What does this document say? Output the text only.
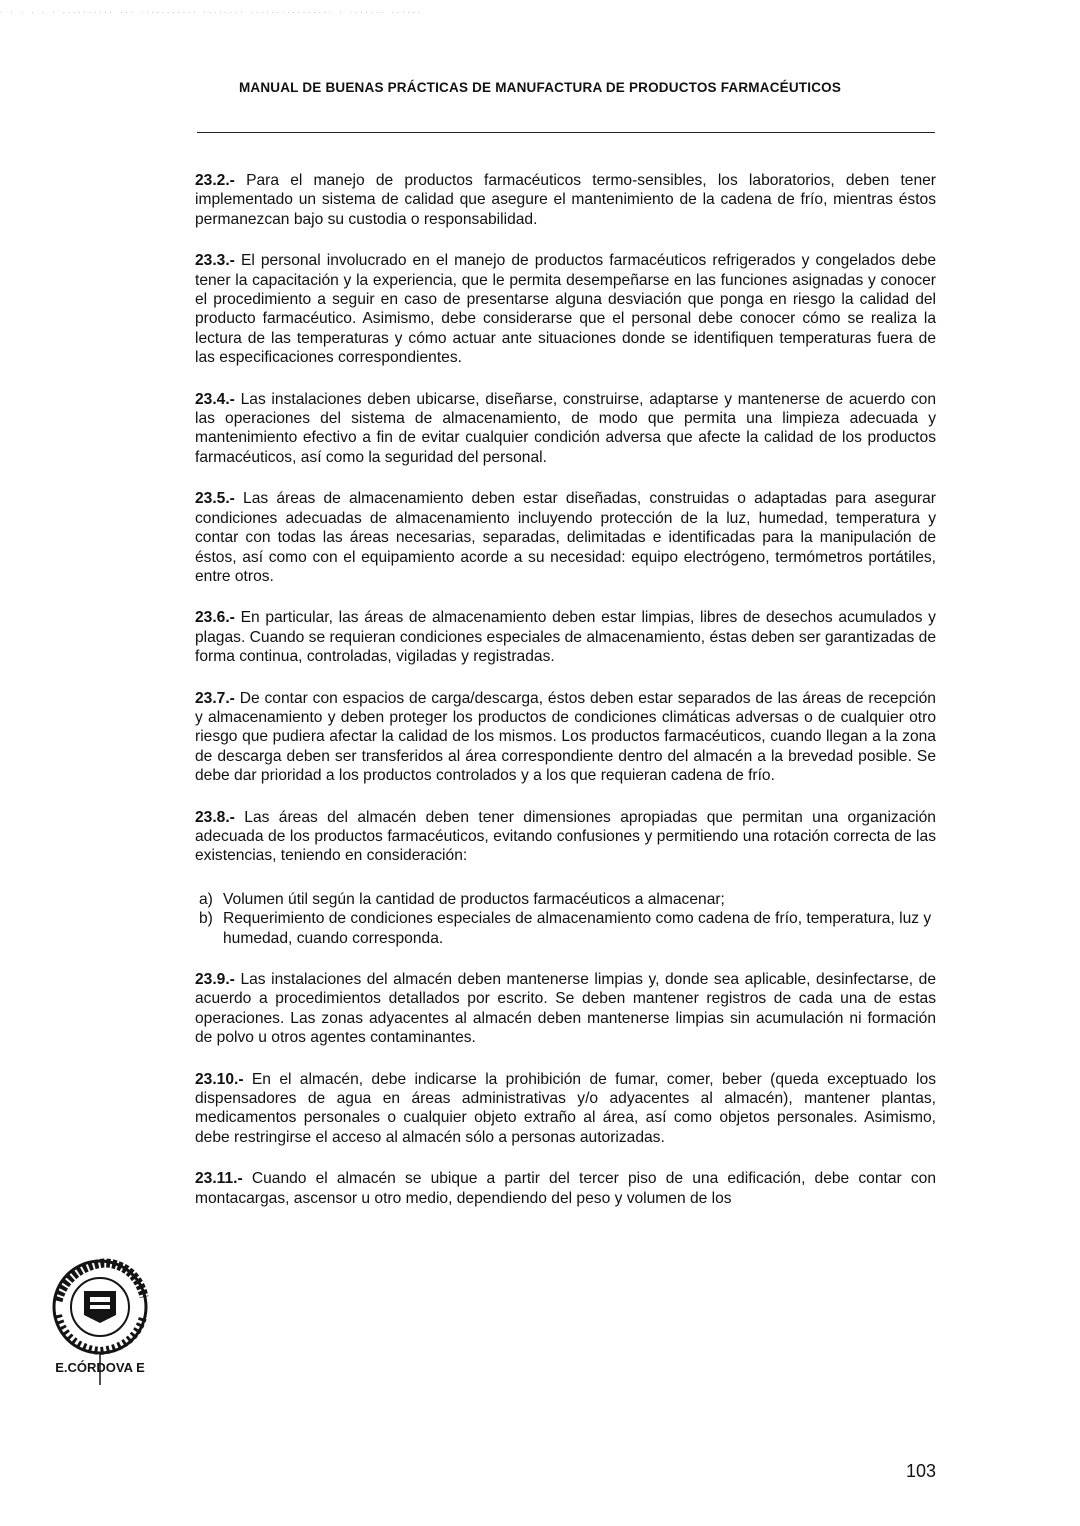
. . . . . . .......... ... ........... ........ ................ . ....... ......
MANUAL DE BUENAS PRÁCTICAS DE MANUFACTURA DE PRODUCTOS FARMACÉUTICOS

23.2.- Para el manejo de productos farmacéuticos termo-sensibles, los laboratorios, deben tener implementado un sistema de calidad que asegure el mantenimiento de la cadena de frío, mientras éstos permanezcan bajo su custodia o responsabilidad.

23.3.- El personal involucrado en el manejo de productos farmacéuticos refrigerados y congelados debe tener la capacitación y la experiencia, que le permita desempeñarse en las funciones asignadas y conocer el procedimiento a seguir en caso de presentarse alguna desviación que ponga en riesgo la calidad del producto farmacéutico. Asimismo, debe considerarse que el personal debe conocer cómo se realiza la lectura de las temperaturas y cómo actuar ante situaciones donde se identifiquen temperaturas fuera de las especificaciones correspondientes.

23.4.- Las instalaciones deben ubicarse, diseñarse, construirse, adaptarse y mantenerse de acuerdo con las operaciones del sistema de almacenamiento, de modo que permita una limpieza adecuada y mantenimiento efectivo a fin de evitar cualquier condición adversa que afecte la calidad de los productos farmacéuticos, así como la seguridad del personal.

23.5.- Las áreas de almacenamiento deben estar diseñadas, construidas o adaptadas para asegurar condiciones adecuadas de almacenamiento incluyendo protección de la luz, humedad, temperatura y contar con todas las áreas necesarias, separadas, delimitadas e identificadas para la manipulación de éstos, así como con el equipamiento acorde a su necesidad: equipo electrógeno, termómetros portátiles, entre otros.

23.6.- En particular, las áreas de almacenamiento deben estar limpias, libres de desechos acumulados y plagas. Cuando se requieran condiciones especiales de almacenamiento, éstas deben ser garantizadas de forma continua, controladas, vigiladas y registradas.

23.7.- De contar con espacios de carga/descarga, éstos deben estar separados de las áreas de recepción y almacenamiento y deben proteger los productos de condiciones climáticas adversas o de cualquier otro riesgo que pudiera afectar la calidad de los mismos. Los productos farmacéuticos, cuando llegan a la zona de descarga deben ser transferidos al área correspondiente dentro del almacén a la brevedad posible. Se debe dar prioridad a los productos controlados y a los que requieran cadena de frío.

23.8.- Las áreas del almacén deben tener dimensiones apropiadas que permitan una organización adecuada de los productos farmacéuticos, evitando confusiones y permitiendo una rotación correcta de las existencias, teniendo en consideración:

a) Volumen útil según la cantidad de productos farmacéuticos a almacenar;
b) Requerimiento de condiciones especiales de almacenamiento como cadena de frío, temperatura, luz y humedad, cuando corresponda.

23.9.- Las instalaciones del almacén deben mantenerse limpias y, donde sea aplicable, desinfectarse, de acuerdo a procedimientos detallados por escrito. Se deben mantener registros de cada una de estas operaciones. Las zonas adyacentes al almacén deben mantenerse limpias sin acumulación ni formación de polvo u otros agentes contaminantes.

23.10.- En el almacén, debe indicarse la prohibición de fumar, comer, beber (queda exceptuado los dispensadores de agua en áreas administrativas y/o adyacentes al almacén), mantener plantas, medicamentos personales o cualquier objeto extraño al área, así como objetos personales. Asimismo, debe restringirse el acceso al almacén sólo a personas autorizadas.

23.11.- Cuando el almacén se ubique a partir del tercer piso de una edificación, debe contar con montacargas, ascensor u otro medio, dependiendo del peso y volumen de los

E.CÓRDOVA E
103
